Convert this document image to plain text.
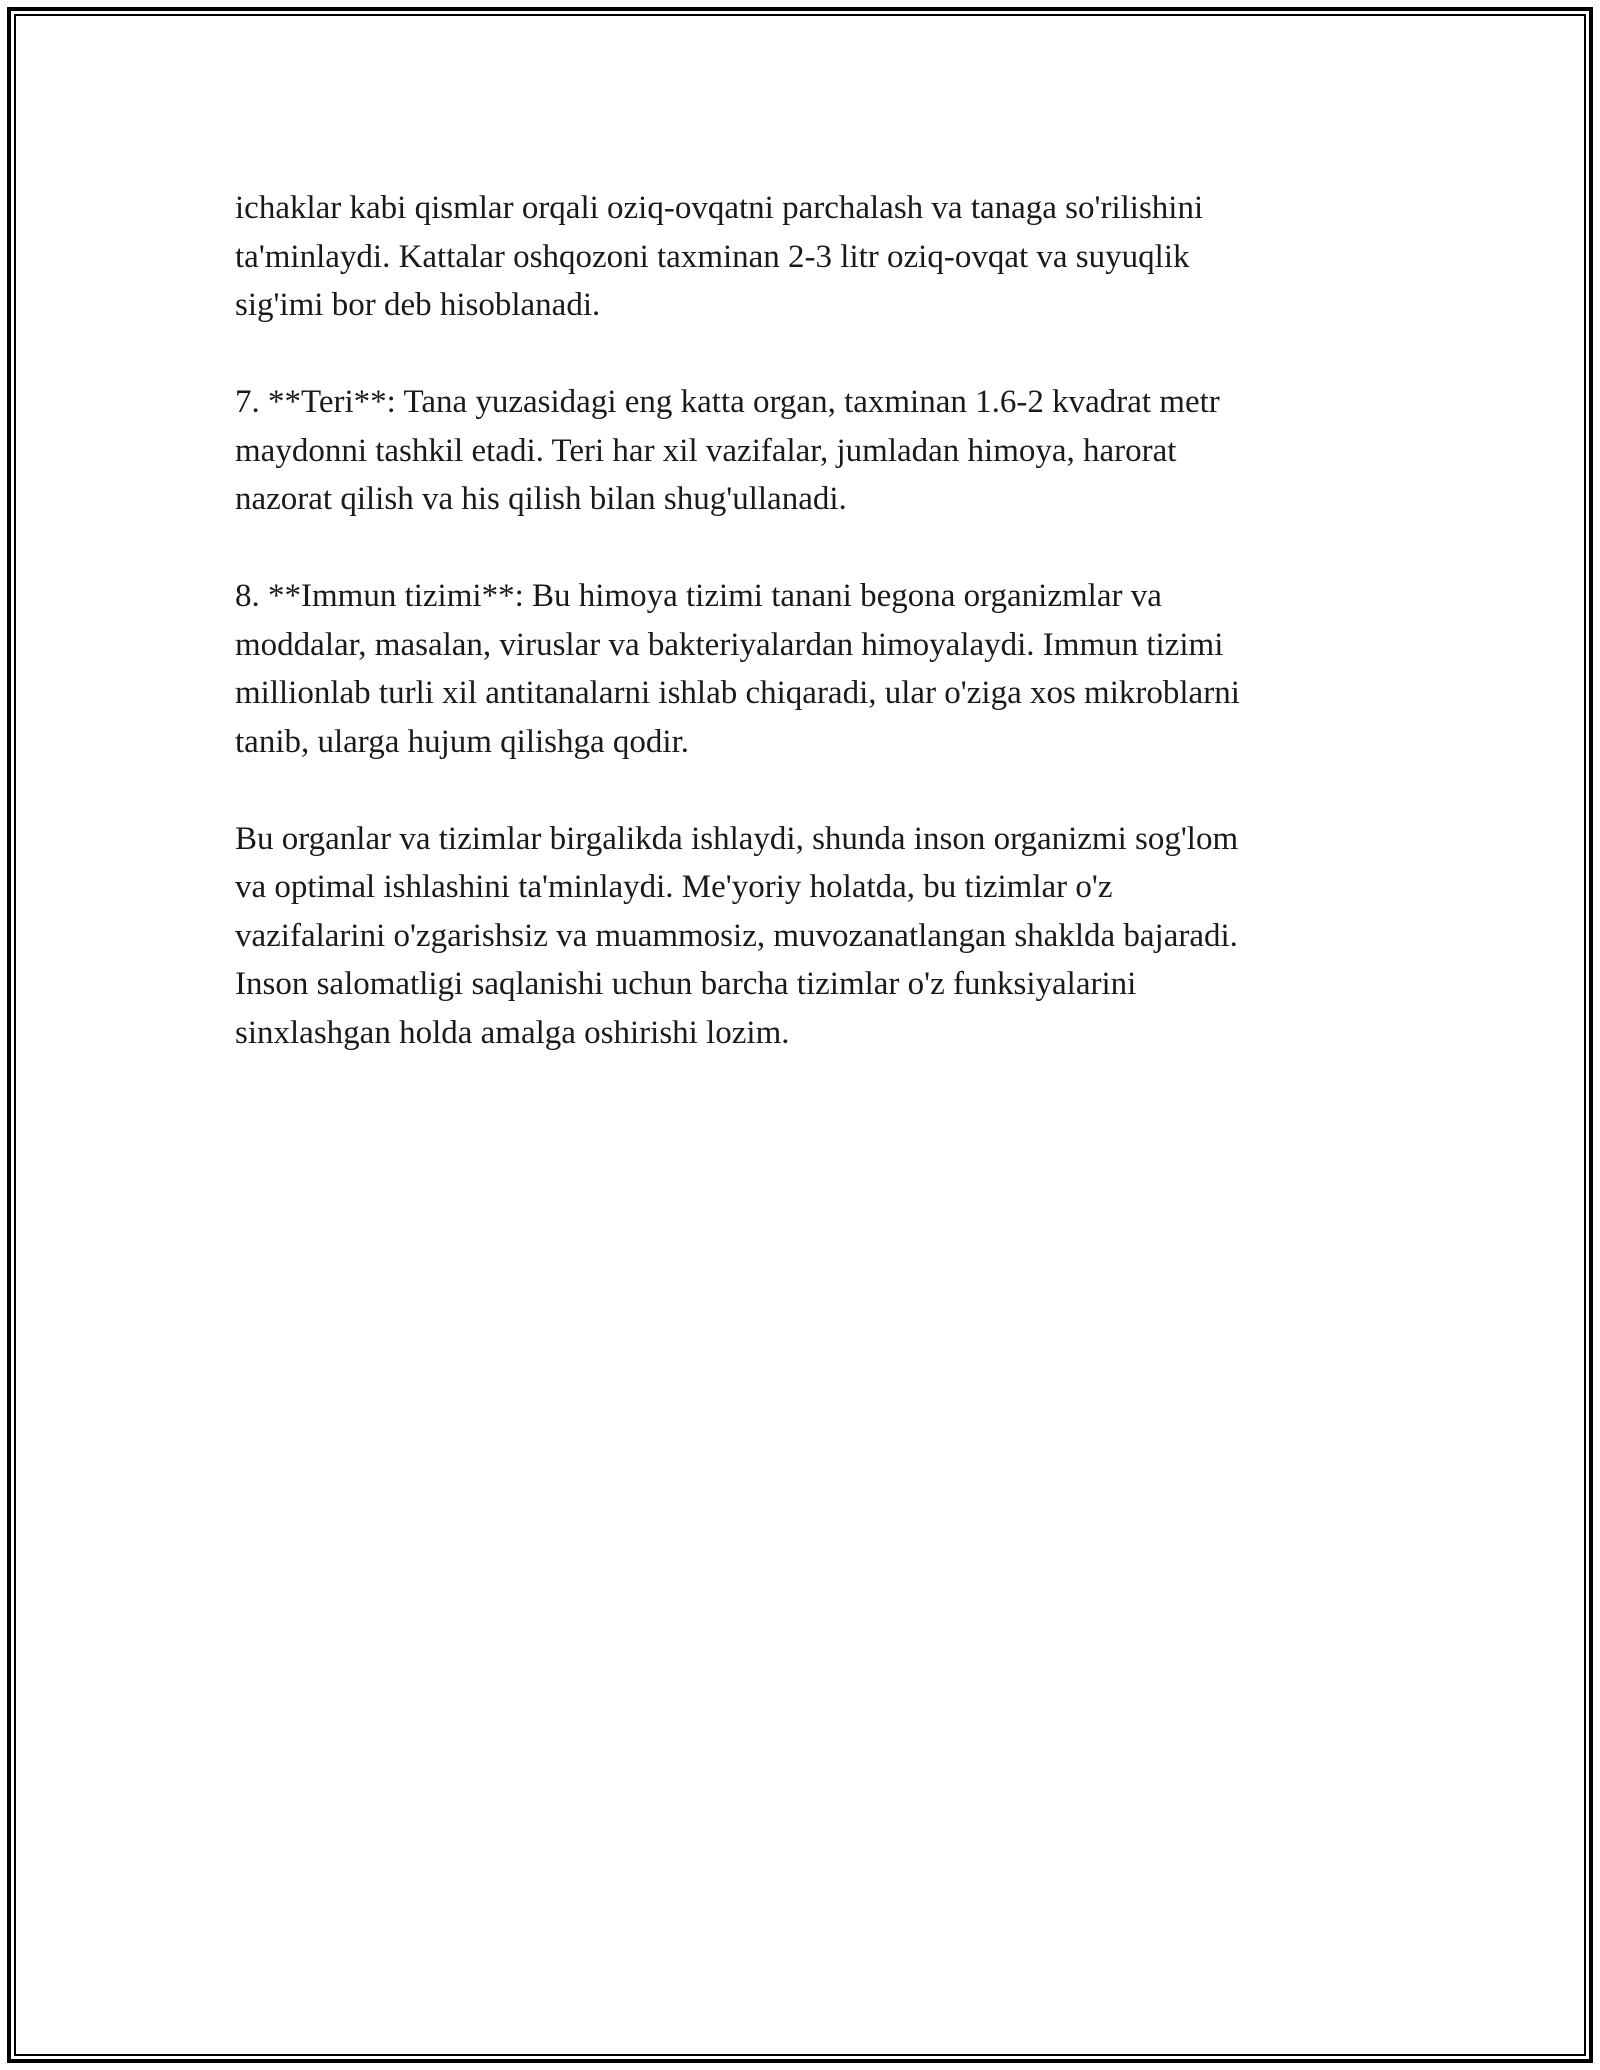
ichaklar kabi qismlar orqali oziq-ovqatni parchalash va tanaga so'rilishini
ta'minlaydi. Kattalar oshqozoni taxminan 2-3 litr oziq-ovqat va suyuqlik
sig'imi bor deb hisoblanadi.

7. **Teri**: Tana yuzasidagi eng katta organ, taxminan 1.6-2 kvadrat metr
maydonni tashkil etadi. Teri har xil vazifalar, jumladan himoya, harorat
nazorat qilish va his qilish bilan shug'ullanadi.

8. **Immun tizimi**: Bu himoya tizimi tanani begona organizmlar va
moddalar, masalan, viruslar va bakteriyalardan himoyalaydi. Immun tizimi
millionlab turli xil antitanalarni ishlab chiqaradi, ular o'ziga xos mikroblarni
tanib, ularga hujum qilishga qodir.

Bu organlar va tizimlar birgalikda ishlaydi, shunda inson organizmi sog'lom
va optimal ishlashini ta'minlaydi. Me'yoriy holatda, bu tizimlar o'z
vazifalarini o'zgarishsiz va muammosiz, muvozanatlangan shaklda bajaradi.
Inson salomatligi saqlanishi uchun barcha tizimlar o'z funksiyalarini
sinxlashgan holda amalga oshirishi lozim.
